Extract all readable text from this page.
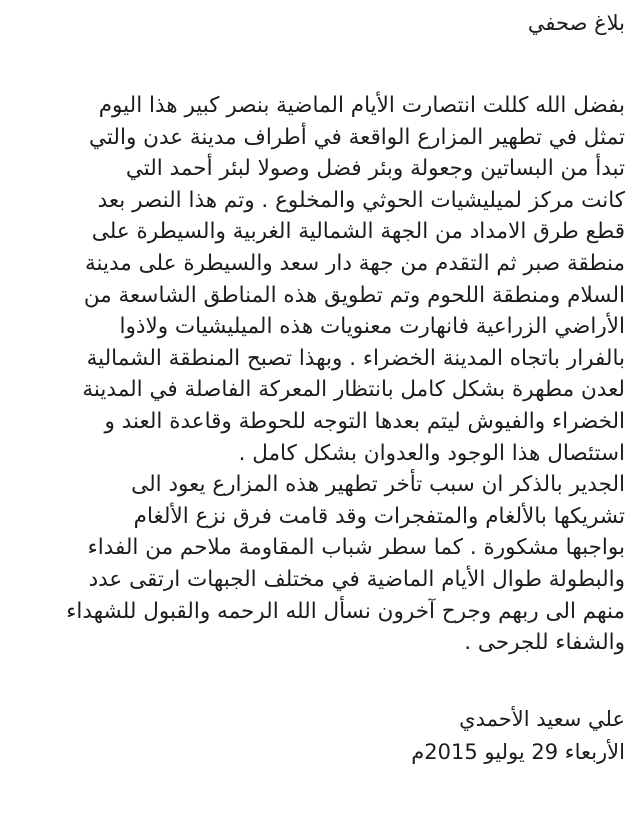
بلاغ صحفي

بفضل الله كللت انتصارت الأيام الماضية بنصر كبير هذا اليوم
تمثل في تطهير المزارع الواقعة في أطراف مدينة عدن والتي
تبدأ من البساتين وجعولة وبئر فضل وصولا لبئر أحمد التي
كانت مركز لميليشيات الحوثي والمخلوع . وتم هذا النصر بعد
قطع طرق الامداد من الجهة الشمالية الغربية والسيطرة على
منطقة صبر ثم التقدم من جهة دار سعد والسيطرة على مدينة
السلام ومنطقة اللحوم وتم تطويق هذه المناطق الشاسعة من
الأراضي الزراعية فانهارت معنويات هذه الميليشيات ولاذوا
بالفرار باتجاه المدينة الخضراء . وبهذا تصبح المنطقة الشمالية
لعدن مطهرة بشكل كامل بانتظار المعركة الفاصلة في المدينة
الخضراء والفيوش ليتم بعدها التوجه للحوطة وقاعدة العند و
استئصال هذا الوجود والعدوان بشكل كامل .
الجدير بالذكر ان سبب تأخر تطهير هذه المزارع يعود الى
تشريكها بالألغام والمتفجرات وقد قامت فرق نزع الألغام
بواجبها مشكورة . كما سطر شباب المقاومة ملاحم من الفداء
والبطولة طوال الأيام الماضية في مختلف الجبهات ارتقى عدد
منهم الى ربهم وجرح آخرون نسأل الله الرحمه والقبول للشهداء
والشفاء للجرحى .
علي سعيد الأحمدي
الأربعاء 29 يوليو 2015م
